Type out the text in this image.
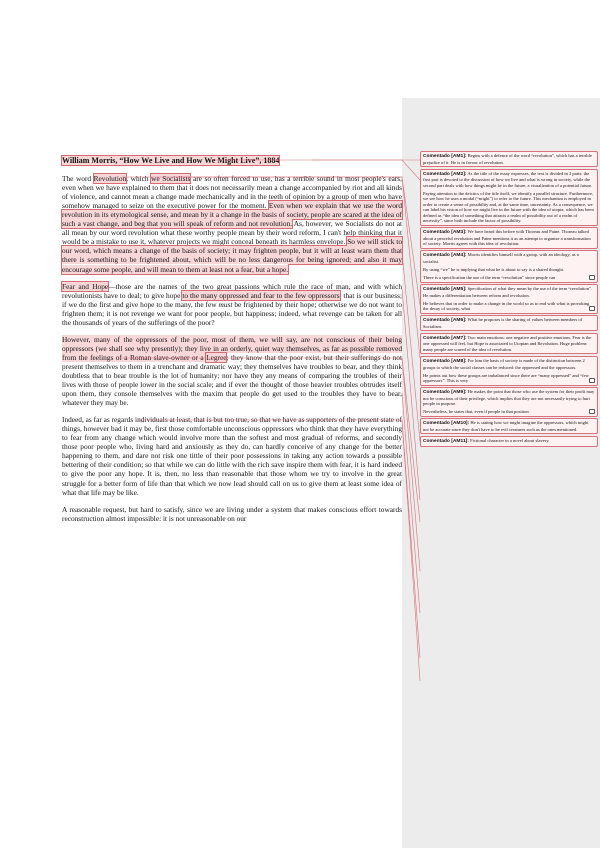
William Morris, “How We Live and How We Might Live”, 1884
The word Revolution, which we Socialists are so often forced to use, has a terrible sound in most people's ears, even when we have explained to them that it does not necessarily mean a change accompanied by riot and all kinds of violence, and cannot mean a change made mechanically and in the teeth of opinion by a group of men who have somehow managed to seize on the executive power for the moment. Even when we explain that we use the word revolution in its etymological sense, and mean by it a change in the basis of society, people are scared at the idea of such a vast change, and beg that you will speak of reform and not revolution. As, however, we Socialists do not at all mean by our word revolution what these worthy people mean by their word reform, I can't help thinking that it would be a mistake to use it, whatever projects we might conceal beneath its harmless envelope. So we will stick to our word, which means a change of the basis of society; it may frighten people, but it will at least warn them that there is something to be frightened about, which will be no less dangerous for being ignored; and also it may encourage some people, and will mean to them at least not a fear, but a hope.
Fear and Hope—those are the names of the two great passions which rule the race of man, and with which revolutionists have to deal; to give hope to the many oppressed and fear to the few oppressors, that is our business; if we do the first and give hope to the many, the few must be frightened by their hope; otherwise we do not want to frighten them; it is not revenge we want for poor people, but happiness; indeed, what revenge can be taken for all the thousands of years of the sufferings of the poor?
However, many of the oppressors of the poor, most of them, we will say, are not conscious of their being oppressors (we shall see why presently); they live in an orderly, quiet way themselves, as far as possible removed from the feelings of a Roman slave-owner or a Legree; they know that the poor exist, but their sufferings do not present themselves to them in a trenchant and dramatic way; they themselves have troubles to bear, and they think doubtless that to bear trouble is the lot of humanity; nor have they any means of comparing the troubles of their lives with those of people lower in the social scale; and if ever the thought of those heavier troubles obtrudes itself upon them, they console themselves with the maxim that people do get used to the troubles they have to bear, whatever they may be.
Indeed, as far as regards individuals at least, that is but too true, so that we have as supporters of the present state of things, however bad it may be, first those comfortable unconscious oppressors who think that they have everything to fear from any change which would involve more than the softest and most gradual of reforms, and secondly those poor people who, living hard and anxiously as they do, can hardly conceive of any change for the better happening to them, and dare not risk one tittle of their poor possessions in taking any action towards a possible bettering of their condition; so that while we can do little with the rich save inspire them with fear, it is hard indeed to give the poor any hope. It is, then, no less than reasonable that those whom we try to involve in the great struggle for a better form of life than that which we now lead should call on us to give them at least some idea of what that life may be like.
A reasonable request, but hard to satisfy, since we are living under a system that makes conscious effort towards reconstruction almost impossible: it is not unreasonable on our
Comentado [AM1]: Begins with a defence of the word “revolution”, which has a terrible prejudice of it. He is in favour of revolution.

Comentado [AM2]: As the title of the essay expresses, the text is divided in 2 parts: the first part is devoted to the discussion of how we live and what is wrong in society, while the second part deals with how things might be in the future, a visualization of a potential future.

Paying attention to the deictics of the title itself, we identify a parallel structure. Furthermore, we see how he uses a modal (“might”) to refer to the future. This mechanism is employed in order to create a sense of possibility and, at the same time, uncertainty. As a consequence, we can label his vision of how we might live in the future with the idea of utopia, which has been defined as “the idea of something that attracts a realm of possibility out of a realm of necessity”, since both include the factor of possibility.

Comentado [AM3]: We have heard this before with Thoreau and Paine. Thoreau talked about a peaceful revolution and Paine mentions it as an attempt to organize a transformation of society. Morris agrees with this idea of revolution.

Comentado [AM4]: Morris identifies himself with a group, with an ideology, as a socialist.

By using “we” he is implying that what he is about to say is a shared thought.

There is a specification the use of the term “revolution” since people can

Comentado [AM5]: Specification of what they mean by the use of the term “revolution”. He makes a differentiation between reform and revolution.

He believes that in order to make a change in the world so as to end with what is provoking the decay of society, what

Comentado [AM6]: What he proposes is the sharing of values between members of Socialism.
Comentado [AM7]: Two main emotions: one negative and positive emotions. Fear is the one oppressed will feel, but Hope is associated to Utopian and Revolution. Huge problem: many people are scared of the idea of revolution.

Comentado [AM8]: For him the basis of society is made of the distinction between 2 groups to which the social classes can be reduced: the oppressed and the oppressors.

He points out how these groups are imbalanced since there are “many oppressed” and “few oppressors”. This is very

Comentado [AM9]: He makes the point that those who use the system for their profit may not be conscious of their privilege, which implies that they are not necessarily trying to hurt people in purpose.

Nevertheless, he states that, even if people in that position

Comentado [AM10]: He is stating how we might imagine the oppressors, which might not be accurate since they don't have to be evil creatures such as the ones mentioned.
Comentado [AM11]: Fictional character in a novel about slavery.
